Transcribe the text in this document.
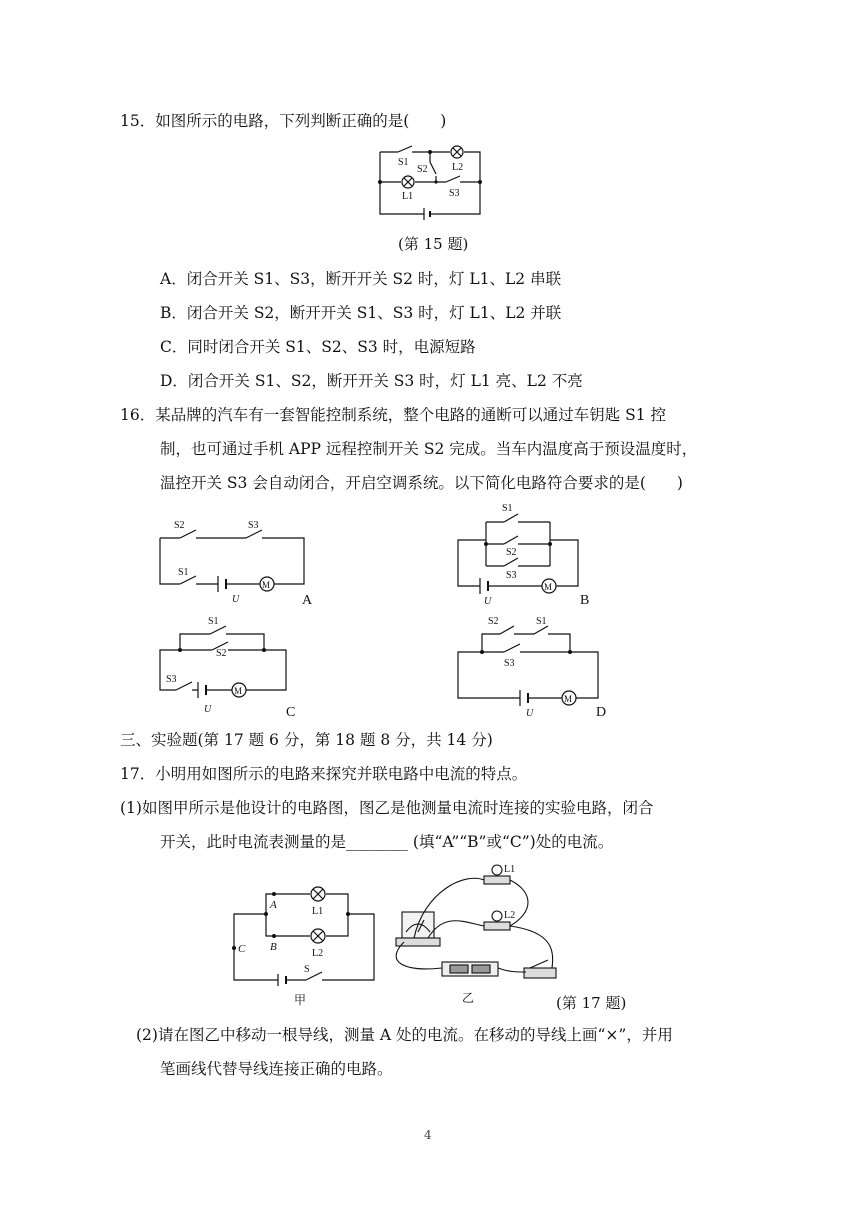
15．如图所示的电路，下列判断正确的是(　　)
S1
S2 L2
L1	S3
(第 15 题)
A．闭合开关 S1、S3，断开开关 S2 时，灯 L1、L2 串联
B．闭合开关 S2，断开开关 S1、S3 时，灯 L1、L2 并联
C．同时闭合开关 S1、S2、S3 时，电源短路
D．闭合开关 S1、S2，断开开关 S3 时，灯 L1 亮、L2 不亮
16．某品牌的汽车有一套智能控制系统，整个电路的通断可以通过车钥匙 S1 控
制，也可通过手机 APP 远程控制开关 S2 完成。当车内温度高于预设温度时，
温控开关 S3 会自动闭合，开启空调系统。以下简化电路符合要求的是(　　)
S2	S3
S1
U
M
A
S1
S2
S3
U
M
B
S1
S2
S3
U
M
C
S2	S1
S3
U
M
D
三、实验题(第 17 题 6 分，第 18 题 8 分，共 14 分)
17．小明用如图所示的电路来探究并联电路中电流的特点。
(1)如图甲所示是他设计的电路图，图乙是他测量电流时连接的实验电路，闭合
开关，此时电流表测量的是________ (填“A”“B”或“C”)处的电流。
A
B
C
L1
L2
S
甲
L1
L2
乙	(第 17 题)
(2)请在图乙中移动一根导线，测量 A 处的电流。在移动的导线上画“×”，并用
笔画线代替导线连接正确的电路。
4
